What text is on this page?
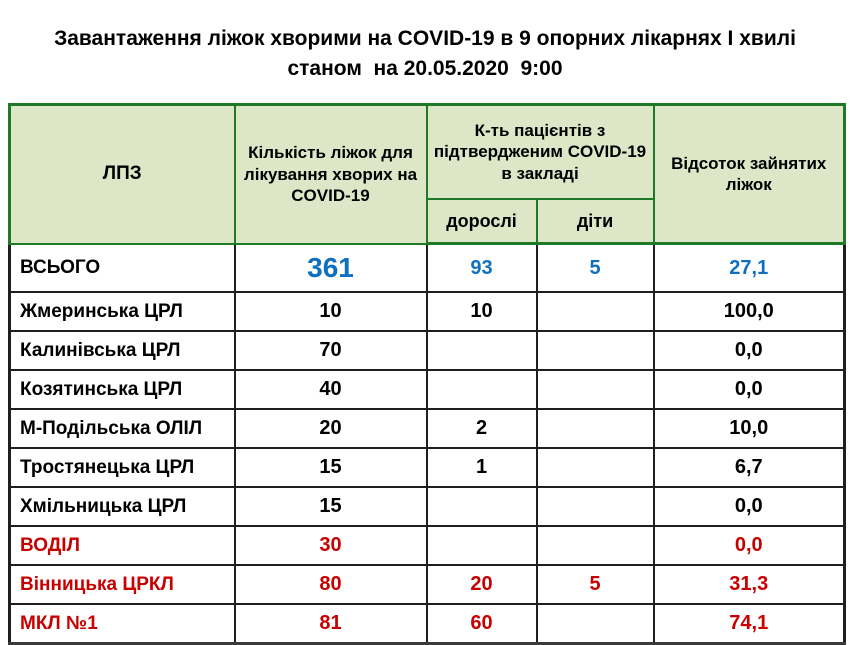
Завантаження ліжок хворими на COVID-19 в 9 опорних лікарнях І хвилі
станом  на 20.05.2020  9:00
ЛПЗ	Кількість ліжок для лікування хворих на COVID-19	К-ть пацієнтів з підтвердженим COVID-19 в закладі		Відсоток зайнятих ліжок
		дорослі	діти	
ВСЬОГО	361	93	5	27,1
Жмеринська ЦРЛ	10	10		100,0
Калинівська ЦРЛ	70			0,0
Козятинська ЦРЛ	40			0,0
М-Подільська ОЛІЛ	20	2		10,0
Тростянецька ЦРЛ	15	1		6,7
Хмільницька ЦРЛ	15			0,0
ВОДІЛ	30			0,0
Вінницька ЦРКЛ	80	20	5	31,3
МКЛ №1	81	60		74,1
